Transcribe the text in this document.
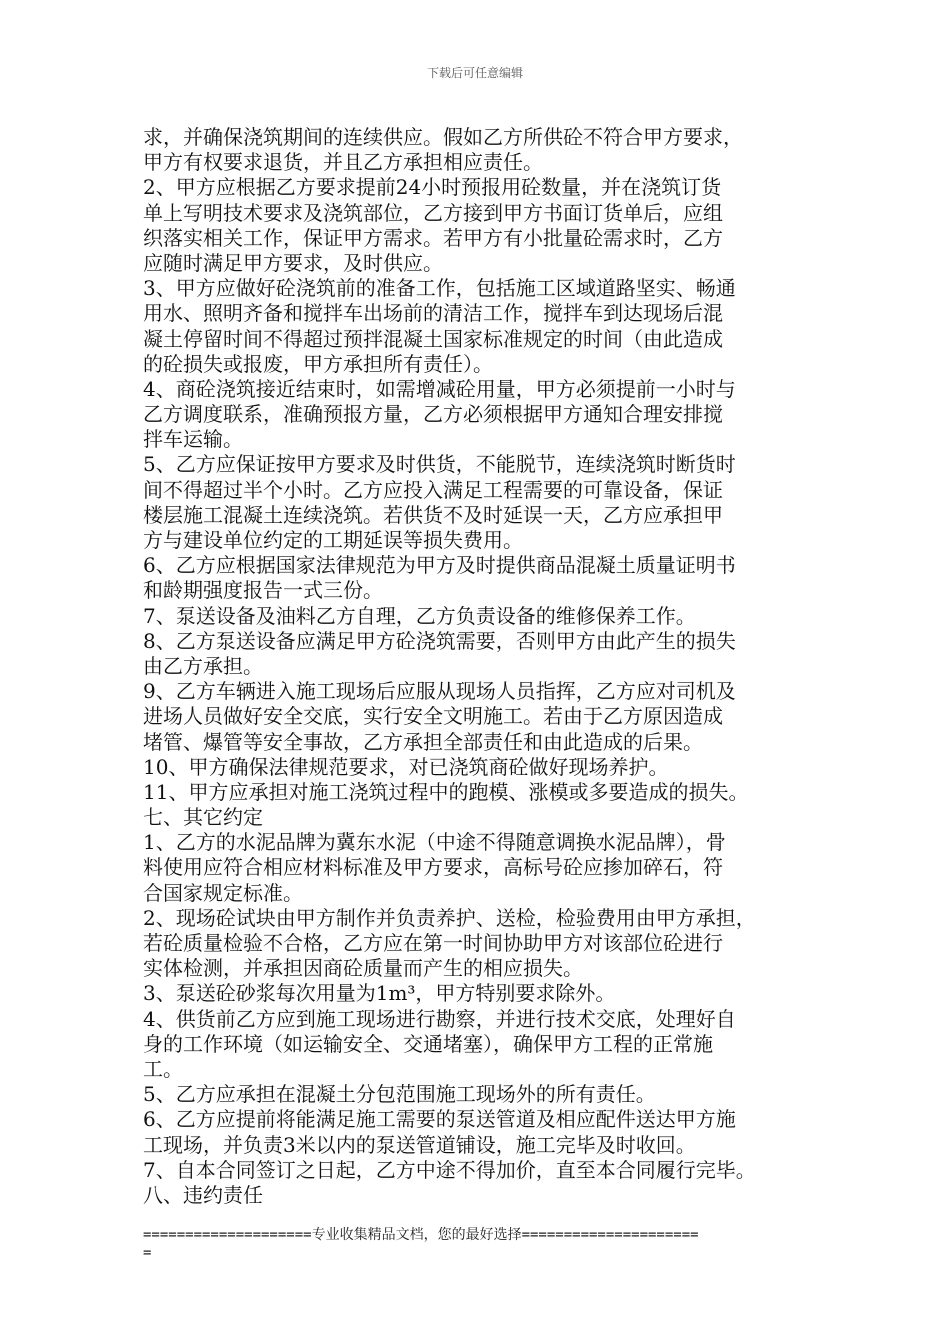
下载后可任意编辑
求，并确保浇筑期间的连续供应。假如乙方所供砼不符合甲方要求，
甲方有权要求退货，并且乙方承担相应责任。
2、甲方应根据乙方要求提前24小时预报用砼数量，并在浇筑订货
单上写明技术要求及浇筑部位，乙方接到甲方书面订货单后，应组
织落实相关工作，保证甲方需求。若甲方有小批量砼需求时，乙方
应随时满足甲方要求，及时供应。
3、甲方应做好砼浇筑前的准备工作，包括施工区域道路坚实、畅通
用水、照明齐备和搅拌车出场前的清洁工作，搅拌车到达现场后混
凝土停留时间不得超过预拌混凝土国家标准规定的时间（由此造成
的砼损失或报废，甲方承担所有责任）。
4、商砼浇筑接近结束时，如需增减砼用量，甲方必须提前一小时与
乙方调度联系，准确预报方量，乙方必须根据甲方通知合理安排搅
拌车运输。
5、乙方应保证按甲方要求及时供货，不能脱节，连续浇筑时断货时
间不得超过半个小时。乙方应投入满足工程需要的可靠设备，保证
楼层施工混凝土连续浇筑。若供货不及时延误一天，乙方应承担甲
方与建设单位约定的工期延误等损失费用。
6、乙方应根据国家法律规范为甲方及时提供商品混凝土质量证明书
和龄期强度报告一式三份。
7、泵送设备及油料乙方自理，乙方负责设备的维修保养工作。
8、乙方泵送设备应满足甲方砼浇筑需要，否则甲方由此产生的损失
由乙方承担。
9、乙方车辆进入施工现场后应服从现场人员指挥，乙方应对司机及
进场人员做好安全交底，实行安全文明施工。若由于乙方原因造成
堵管、爆管等安全事故，乙方承担全部责任和由此造成的后果。
10、甲方确保法律规范要求，对已浇筑商砼做好现场养护。
11、甲方应承担对施工浇筑过程中的跑模、涨模或多要造成的损失。
七、其它约定
1、乙方的水泥品牌为冀东水泥（中途不得随意调换水泥品牌），骨
料使用应符合相应材料标准及甲方要求，高标号砼应掺加碎石，符
合国家规定标准。
2、现场砼试块由甲方制作并负责养护、送检，检验费用由甲方承担，
若砼质量检验不合格，乙方应在第一时间协助甲方对该部位砼进行
实体检测，并承担因商砼质量而产生的相应损失。
3、泵送砼砂浆每次用量为1m³，甲方特别要求除外。
4、供货前乙方应到施工现场进行勘察，并进行技术交底，处理好自
身的工作环境（如运输安全、交通堵塞），确保甲方工程的正常施
工。
5、乙方应承担在混凝土分包范围施工现场外的所有责任。
6、乙方应提前将能满足施工需要的泵送管道及相应配件送达甲方施
工现场，并负责3米以内的泵送管道铺设，施工完毕及时收回。
7、自本合同签订之日起，乙方中途不得加价，直至本合同履行完毕。
八、违约责任
====================专业收集精品文档，您的最好选择=====================
=
